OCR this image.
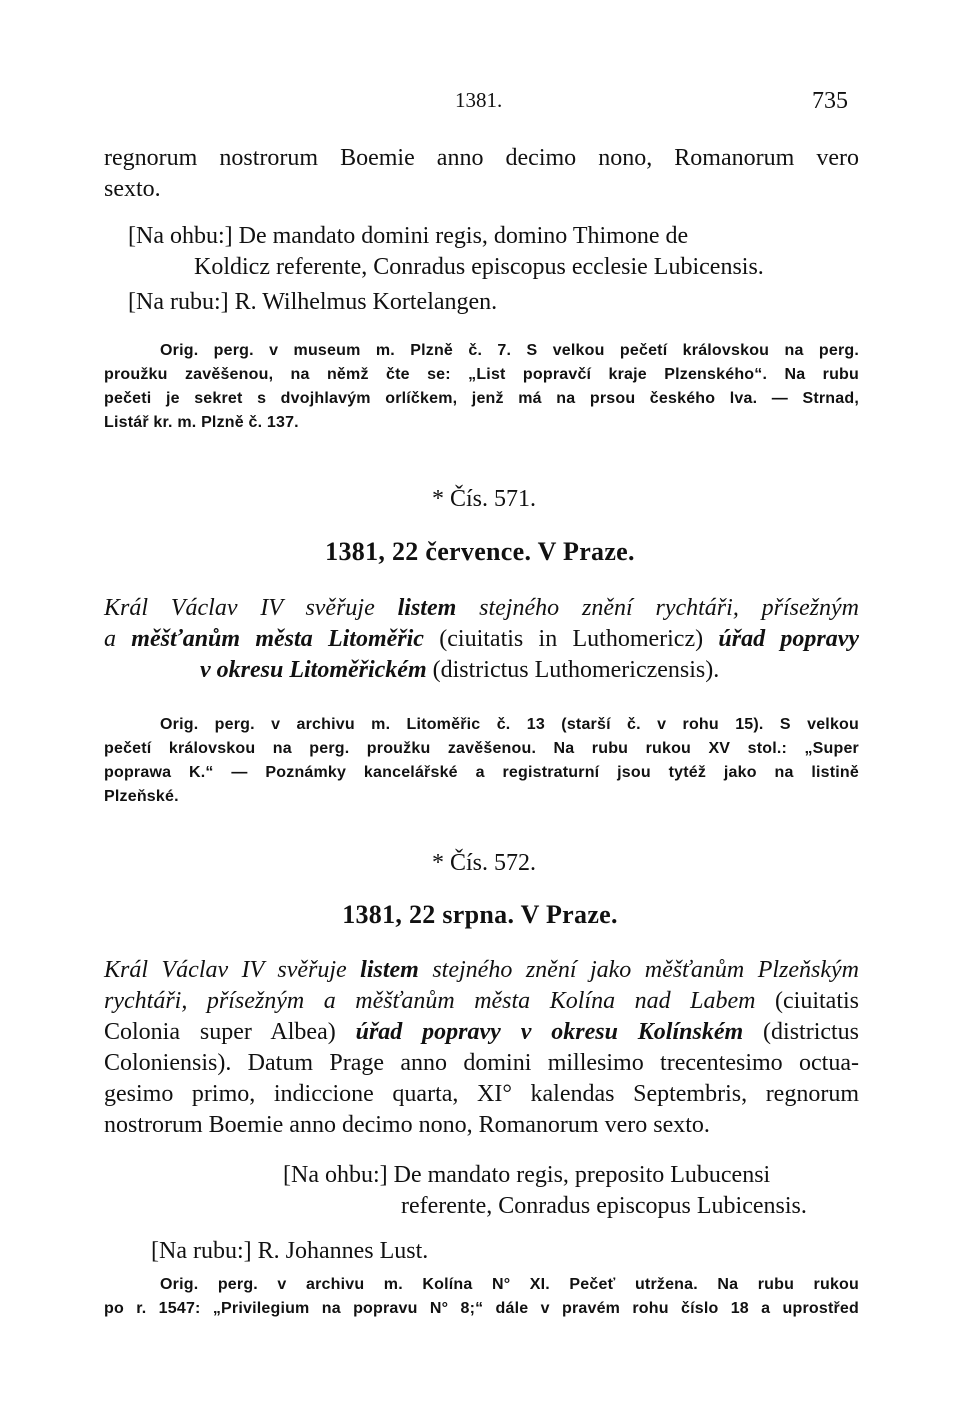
1381.	735
regnorum nostrorum Boemie anno decimo nono, Romanorum vero
sexto.
[Na ohbu:] De mandato domini regis, domino Thimone de
Koldicz referente, Conradus episcopus ecclesie Lubicensis.
[Na rubu:] R. Wilhelmus Kortelangen.
Orig. perg. v museum m. Plzně č. 7. S velkou pečetí královskou na perg.
proužku zavěšenou, na němž čte se: „List popravčí kraje Plzenského“. Na rubu
pečeti je sekret s dvojhlavým orlíčkem, jenž má na prsou českého lva. — Strnad,
Listář kr. m. Plzně č. 137.
* Čís. 571.
1381, 22 července. V Praze.
Král Václav IV svěřuje listem stejného znění rychtáři, přísežným
a měšťanům města Litoměřic (ciuitatis in Luthomericz) úřad popravy
v okresu Litoměřickém (districtus Luthomericzensis).
Orig. perg. v archivu m. Litoměřic č. 13 (starší č. v rohu 15). S velkou
pečetí královskou na perg. proužku zavěšenou. Na rubu rukou XV stol.: „Super
poprawa K.“ — Poznámky kancelářské a registraturní jsou tytéž jako na listině
Plzeňské.
* Čís. 572.
1381, 22 srpna. V Praze.
Král Václav IV svěřuje listem stejného znění jako měšťanům Plzeňským
rychtáři, přísežným a měšťanům města Kolína nad Labem (ciuitatis
Colonia super Albea) úřad popravy v okresu Kolínském (districtus
Coloniensis). Datum Prage anno domini millesimo trecentesimo octua-
gesimo primo, indiccione quarta, XI° kalendas Septembris, regnorum
nostrorum Boemie anno decimo nono, Romanorum vero sexto.
[Na ohbu:] De mandato regis, preposito Lubucensi
referente, Conradus episcopus Lubicensis.
[Na rubu:] R. Johannes Lust.
Orig. perg. v archivu m. Kolína N° XI. Pečeť utržena. Na rubu rukou
po r. 1547: „Privilegium na popravu N° 8;“ dále v pravém rohu číslo 18 a uprostřed
